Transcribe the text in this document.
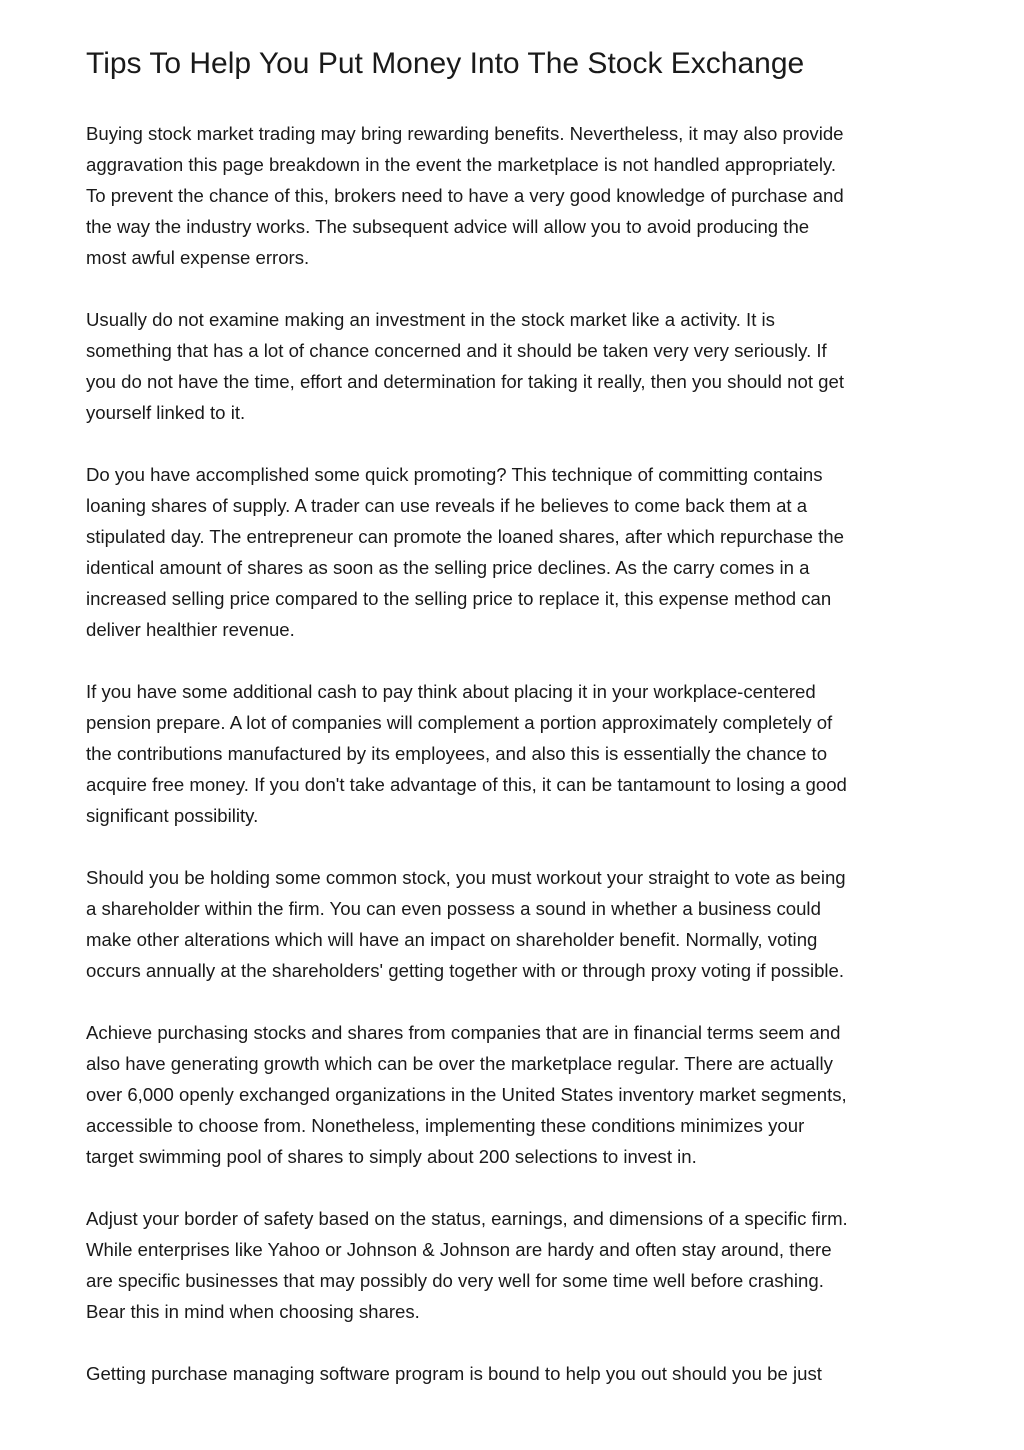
Tips To Help You Put Money Into The Stock Exchange

Buying stock market trading may bring rewarding benefits. Nevertheless, it may also provide
aggravation this page breakdown in the event the marketplace is not handled appropriately.
To prevent the chance of this, brokers need to have a very good knowledge of purchase and
the way the industry works. The subsequent advice will allow you to avoid producing the
most awful expense errors.

Usually do not examine making an investment in the stock market like a activity. It is
something that has a lot of chance concerned and it should be taken very very seriously. If
you do not have the time, effort and determination for taking it really, then you should not get
yourself linked to it.

Do you have accomplished some quick promoting? This technique of committing contains
loaning shares of supply. A trader can use reveals if he believes to come back them at a
stipulated day. The entrepreneur can promote the loaned shares, after which repurchase the
identical amount of shares as soon as the selling price declines. As the carry comes in a
increased selling price compared to the selling price to replace it, this expense method can
deliver healthier revenue.

If you have some additional cash to pay think about placing it in your workplace-centered
pension prepare. A lot of companies will complement a portion approximately completely of
the contributions manufactured by its employees, and also this is essentially the chance to
acquire free money. If you don't take advantage of this, it can be tantamount to losing a good
significant possibility.

Should you be holding some common stock, you must workout your straight to vote as being
a shareholder within the firm. You can even possess a sound in whether a business could
make other alterations which will have an impact on shareholder benefit. Normally, voting
occurs annually at the shareholders' getting together with or through proxy voting if possible.

Achieve purchasing stocks and shares from companies that are in financial terms seem and
also have generating growth which can be over the marketplace regular. There are actually
over 6,000 openly exchanged organizations in the United States inventory market segments,
accessible to choose from. Nonetheless, implementing these conditions minimizes your
target swimming pool of shares to simply about 200 selections to invest in.

Adjust your border of safety based on the status, earnings, and dimensions of a specific firm.
While enterprises like Yahoo or Johnson & Johnson are hardy and often stay around, there
are specific businesses that may possibly do very well for some time well before crashing.
Bear this in mind when choosing shares.

Getting purchase managing software program is bound to help you out should you be just
